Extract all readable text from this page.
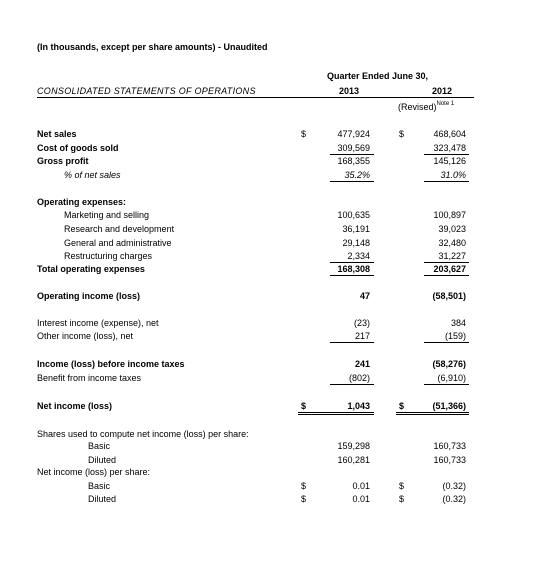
(In thousands, except per share amounts) - Unaudited
Quarter Ended June 30,
CONSOLIDATED STATEMENTS OF OPERATIONS	2013	2012
(Revised)$^{Note 1}$
Net sales	$	477,924	$	468,604
Cost of goods sold	309,569	323,478
Gross profit	168,355	145,126
% of net sales	35.2%	31.0%
Operating expenses:
Marketing and selling	100,635	100,897
Research and development	36,191	39,023
General and administrative	29,148	32,480
Restructuring charges	2,334	31,227
Total operating expenses	168,308	203,627
Operating income (loss)	47	(58,501)
Interest income (expense), net	(23)	384
Other income (loss), net	217	(159)
Income (loss) before income taxes	241	(58,276)
Benefit from income taxes	(802)	(6,910)
Net income (loss)	$	1,043	$	(51,366)
Shares used to compute net income (loss) per share:
Basic	159,298	160,733
Diluted	160,281	160,733
Net income (loss) per share:
Basic	$	0.01	$	(0.32)
Diluted	$	0.01	$	(0.32)
